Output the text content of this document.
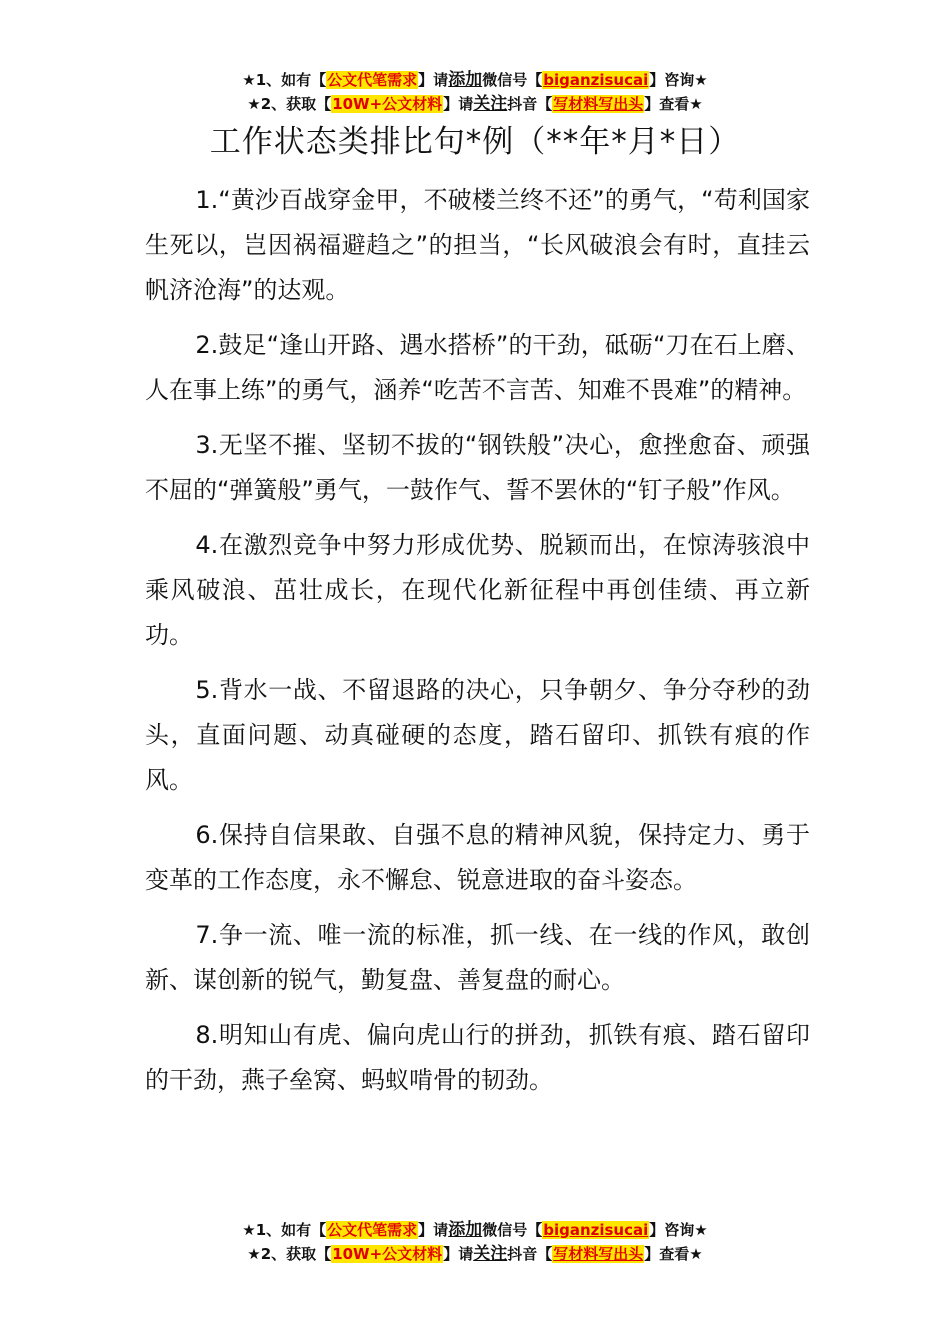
★1、如有【公文代笔需求】请添加微信号【biganzisucai】咨询★
★2、获取【10W+公文材料】请关注抖音【写材料写出头】查看★
工作状态类排比句*例（**年*月*日）

1.“黄沙百战穿金甲，不破楼兰终不还”的勇气，“苟利国家生死以，岂因祸福避趋之”的担当，“长风破浪会有时，直挂云帆济沧海”的达观。

2.鼓足“逢山开路、遇水搭桥”的干劲，砥砺“刀在石上磨、人在事上练”的勇气，涵养“吃苦不言苦、知难不畏难”的精神。

3.无坚不摧、坚韧不拔的“钢铁般”决心，愈挫愈奋、顽强不屈的“弹簧般”勇气，一鼓作气、誓不罢休的“钉子般”作风。

4.在激烈竞争中努力形成优势、脱颖而出，在惊涛骇浪中乘风破浪、茁壮成长，在现代化新征程中再创佳绩、再立新功。

5.背水一战、不留退路的决心，只争朝夕、争分夺秒的劲头，直面问题、动真碰硬的态度，踏石留印、抓铁有痕的作风。

6.保持自信果敢、自强不息的精神风貌，保持定力、勇于变革的工作态度，永不懈怠、锐意进取的奋斗姿态。

7.争一流、唯一流的标准，抓一线、在一线的作风，敢创新、谋创新的锐气，勤复盘、善复盘的耐心。

8.明知山有虎、偏向虎山行的拼劲，抓铁有痕、踏石留印的干劲，燕子垒窝、蚂蚁啃骨的韧劲。

★1、如有【公文代笔需求】请添加微信号【biganzisucai】咨询★
★2、获取【10W+公文材料】请关注抖音【写材料写出头】查看★
